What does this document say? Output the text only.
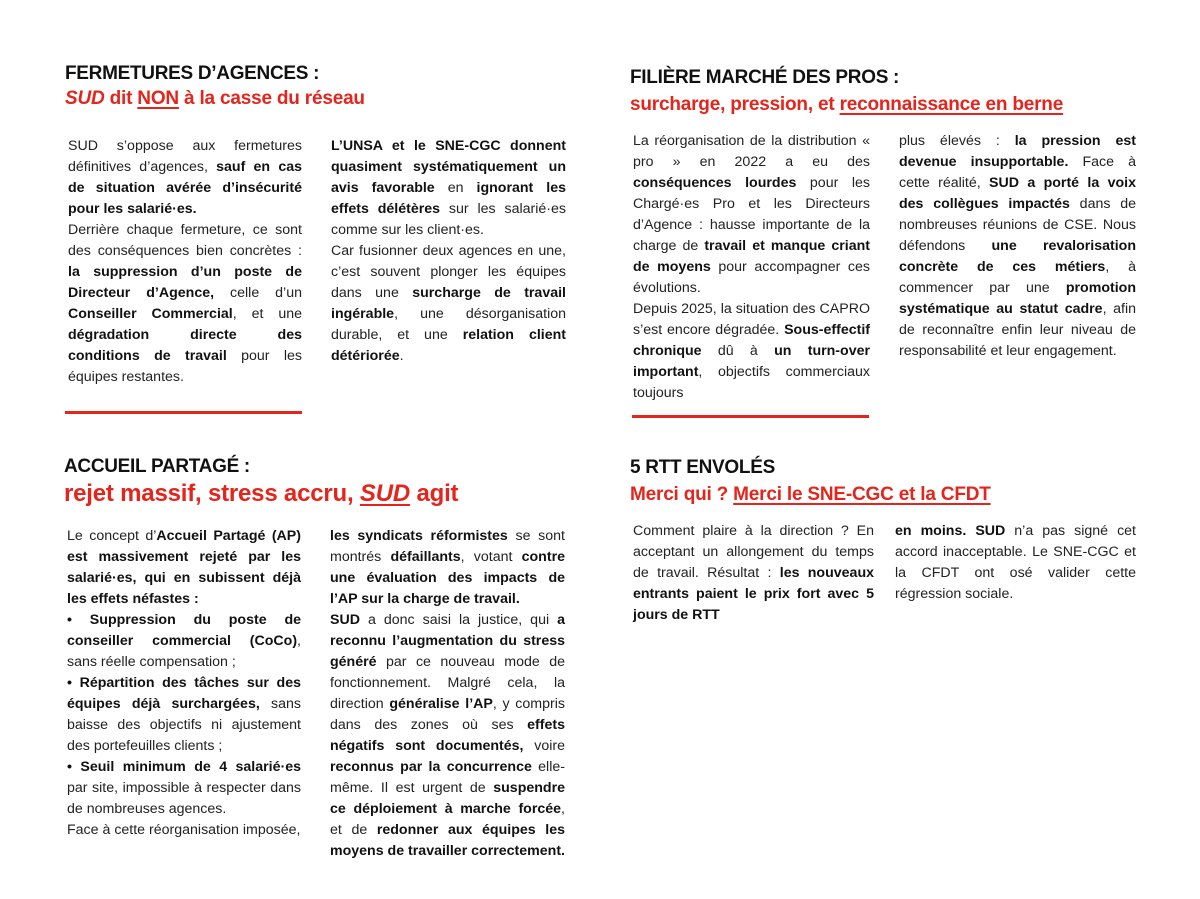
FERMETURES D’AGENCES :
SUD dit NON à la casse du réseau

SUD s’oppose aux fermetures définitives d’agences, sauf en cas de situation avérée d’insécurité pour les salarié·es.

Derrière chaque fermeture, ce sont des conséquences bien concrètes : la suppression d’un poste de Directeur d’Agence, celle d’un Conseiller Commercial, et une dégradation directe des conditions de travail pour les équipes restantes.

L’UNSA et le SNE-CGC donnent quasiment systématiquement un avis favorable en ignorant les effets délétères sur les salarié·es comme sur les client·es.

Car fusionner deux agences en une, c’est souvent plonger les équipes dans une surcharge de travail ingérable, une désorganisation durable, et une relation client détériorée.

FILIÈRE MARCHÉ DES PROS :
surcharge, pression, et reconnaissance en berne

La réorganisation de la distribution « pro » en 2022 a eu des conséquences lourdes pour les Chargé·es Pro et les Directeurs d’Agence : hausse importante de la charge de travail et manque criant de moyens pour accompagner ces évolutions.

Depuis 2025, la situation des CAPRO s’est encore dégradée. Sous-effectif chronique dû à un turn-over important, objectifs commerciaux toujours

plus élevés : la pression est devenue insupportable. Face à cette réalité, SUD a porté la voix des collègues impactés dans de nombreuses réunions de CSE. Nous défendons une revalorisation concrète de ces métiers, à commencer par une promotion systématique au statut cadre, afin de reconnaître enfin leur niveau de responsabilité et leur engagement.

ACCUEIL PARTAGÉ :
rejet massif, stress accru, SUD agit

Le concept d’Accueil Partagé (AP) est massivement rejeté par les salarié·es, qui en subissent déjà les effets néfastes :

• Suppression du poste de conseiller commercial (CoCo), sans réelle compensation ;

• Répartition des tâches sur des équipes déjà surchargées, sans baisse des objectifs ni ajustement des portefeuilles clients ;

• Seuil minimum de 4 salarié·es par site, impossible à respecter dans de nombreuses agences.

Face à cette réorganisation imposée,

les syndicats réformistes se sont montrés défaillants, votant contre une évaluation des impacts de l’AP sur la charge de travail.

SUD a donc saisi la justice, qui a reconnu l’augmentation du stress généré par ce nouveau mode de fonctionnement. Malgré cela, la direction généralise l’AP, y compris dans des zones où ses effets négatifs sont documentés, voire reconnus par la concurrence elle-même. Il est urgent de suspendre ce déploiement à marche forcée, et de redonner aux équipes les moyens de travailler correctement.

5 RTT ENVOLÉS
Merci qui ? Merci le SNE-CGC et la CFDT

Comment plaire à la direction ? En acceptant un allongement du temps de travail. Résultat : les nouveaux entrants paient le prix fort avec 5 jours de RTT

en moins. SUD n’a pas signé cet accord inacceptable. Le SNE-CGC et la CFDT ont osé valider cette régression sociale.
